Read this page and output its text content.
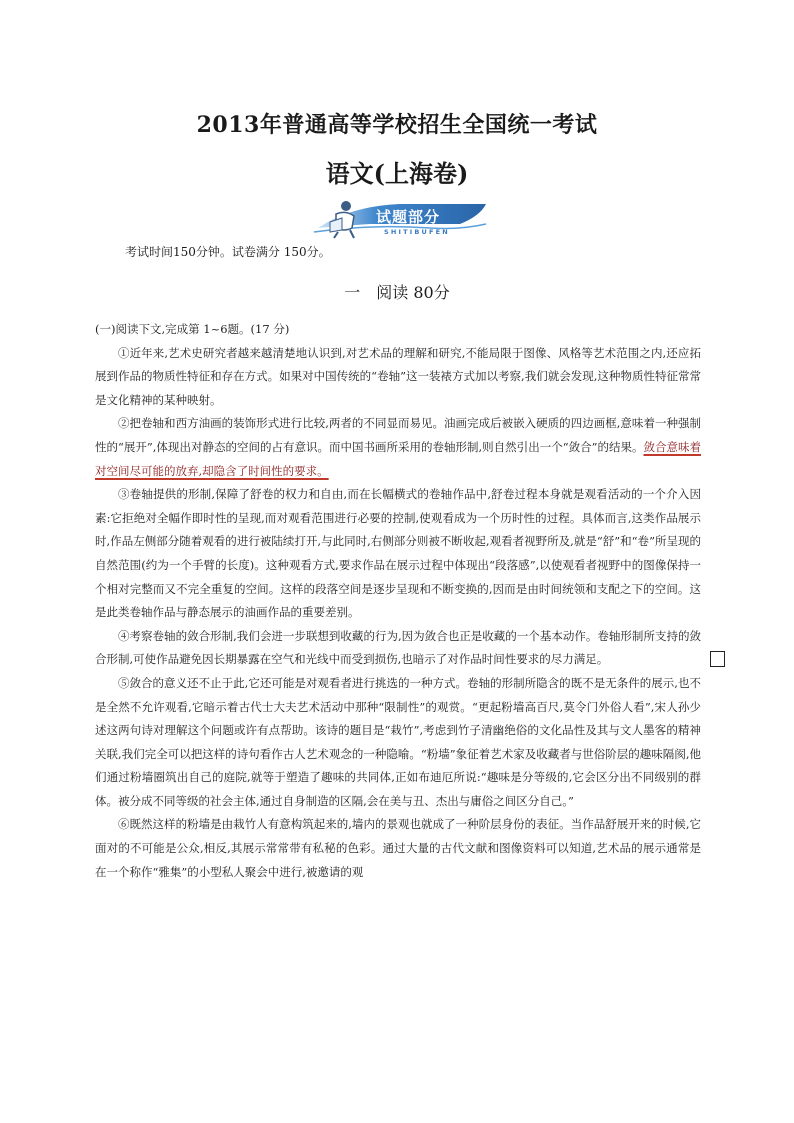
2013年普通高等学校招生全国统一考试
语文(上海卷)
试题部分
SHITIBUFEN
考试时间150分钟。试卷满分 150分。
一　阅读 80分

(一)阅读下文,完成第 1~6题。(17 分)

①近年来,艺术史研究者越来越清楚地认识到,对艺术品的理解和研究,不能局限于图像、风格等艺术范围之内,还应拓展到作品的物质性特征和存在方式。如果对中国传统的“卷轴”这一装裱方式加以考察,我们就会发现,这种物质性特征常常是文化精神的某种映射。

②把卷轴和西方油画的装饰形式进行比较,两者的不同显而易见。油画完成后被嵌入硬质的四边画框,意味着一种强制性的“展开”,体现出对静态的空间的占有意识。而中国书画所采用的卷轴形制,则自然引出一个“敛合”的结果。敛合意味着对空间尽可能的放弃,却隐含了时间性的要求。

③卷轴提供的形制,保障了舒卷的权力和自由,而在长幅横式的卷轴作品中,舒卷过程本身就是观看活动的一个介入因素:它拒绝对全幅作即时性的呈现,而对观看范围进行必要的控制,使观看成为一个历时性的过程。具体而言,这类作品展示时,作品左侧部分随着观看的进行被陆续打开,与此同时,右侧部分则被不断收起,观看者视野所及,就是“舒”和“卷”所呈现的自然范围(约为一个手臂的长度)。这种观看方式,要求作品在展示过程中体现出“段落感”,以使观看者视野中的图像保持一个相对完整而又不完全重复的空间。这样的段落空间是逐步呈现和不断变换的,因而是由时间统领和支配之下的空间。这是此类卷轴作品与静态展示的油画作品的重要差别。

④考察卷轴的敛合形制,我们会进一步联想到收藏的行为,因为敛合也正是收藏的一个基本动作。卷轴形制所支持的敛合形制,可使作品避免因长期暴露在空气和光线中而受到损伤,也暗示了对作品时间性要求的尽力满足。

⑤敛合的意义还不止于此,它还可能是对观看者进行挑选的一种方式。卷轴的形制所隐含的既不是无条件的展示,也不是全然不允许观看,它暗示着古代士大夫艺术活动中那种“限制性”的观赏。“更起粉墙高百尺,莫令门外俗人看”,宋人孙少述这两句诗对理解这个问题或许有点帮助。该诗的题目是“栽竹”,考虑到竹子清幽绝俗的文化品性及其与文人墨客的精神关联,我们完全可以把这样的诗句看作古人艺术观念的一种隐喻。“粉墙”象征着艺术家及收藏者与世俗阶层的趣味隔阂,他们通过粉墙圈筑出自己的庭院,就等于塑造了趣味的共同体,正如布迪厄所说:“趣味是分等级的,它会区分出不同级别的群体。被分成不同等级的社会主体,通过自身制造的区隔,会在美与丑、杰出与庸俗之间区分自己。”

⑥既然这样的粉墙是由栽竹人有意构筑起来的,墙内的景观也就成了一种阶层身份的表征。当作品舒展开来的时候,它面对的不可能是公众,相反,其展示常常带有私秘的色彩。通过大量的古代文献和图像资料可以知道,艺术品的展示通常是在一个称作“雅集”的小型私人聚会中进行,被邀请的观
